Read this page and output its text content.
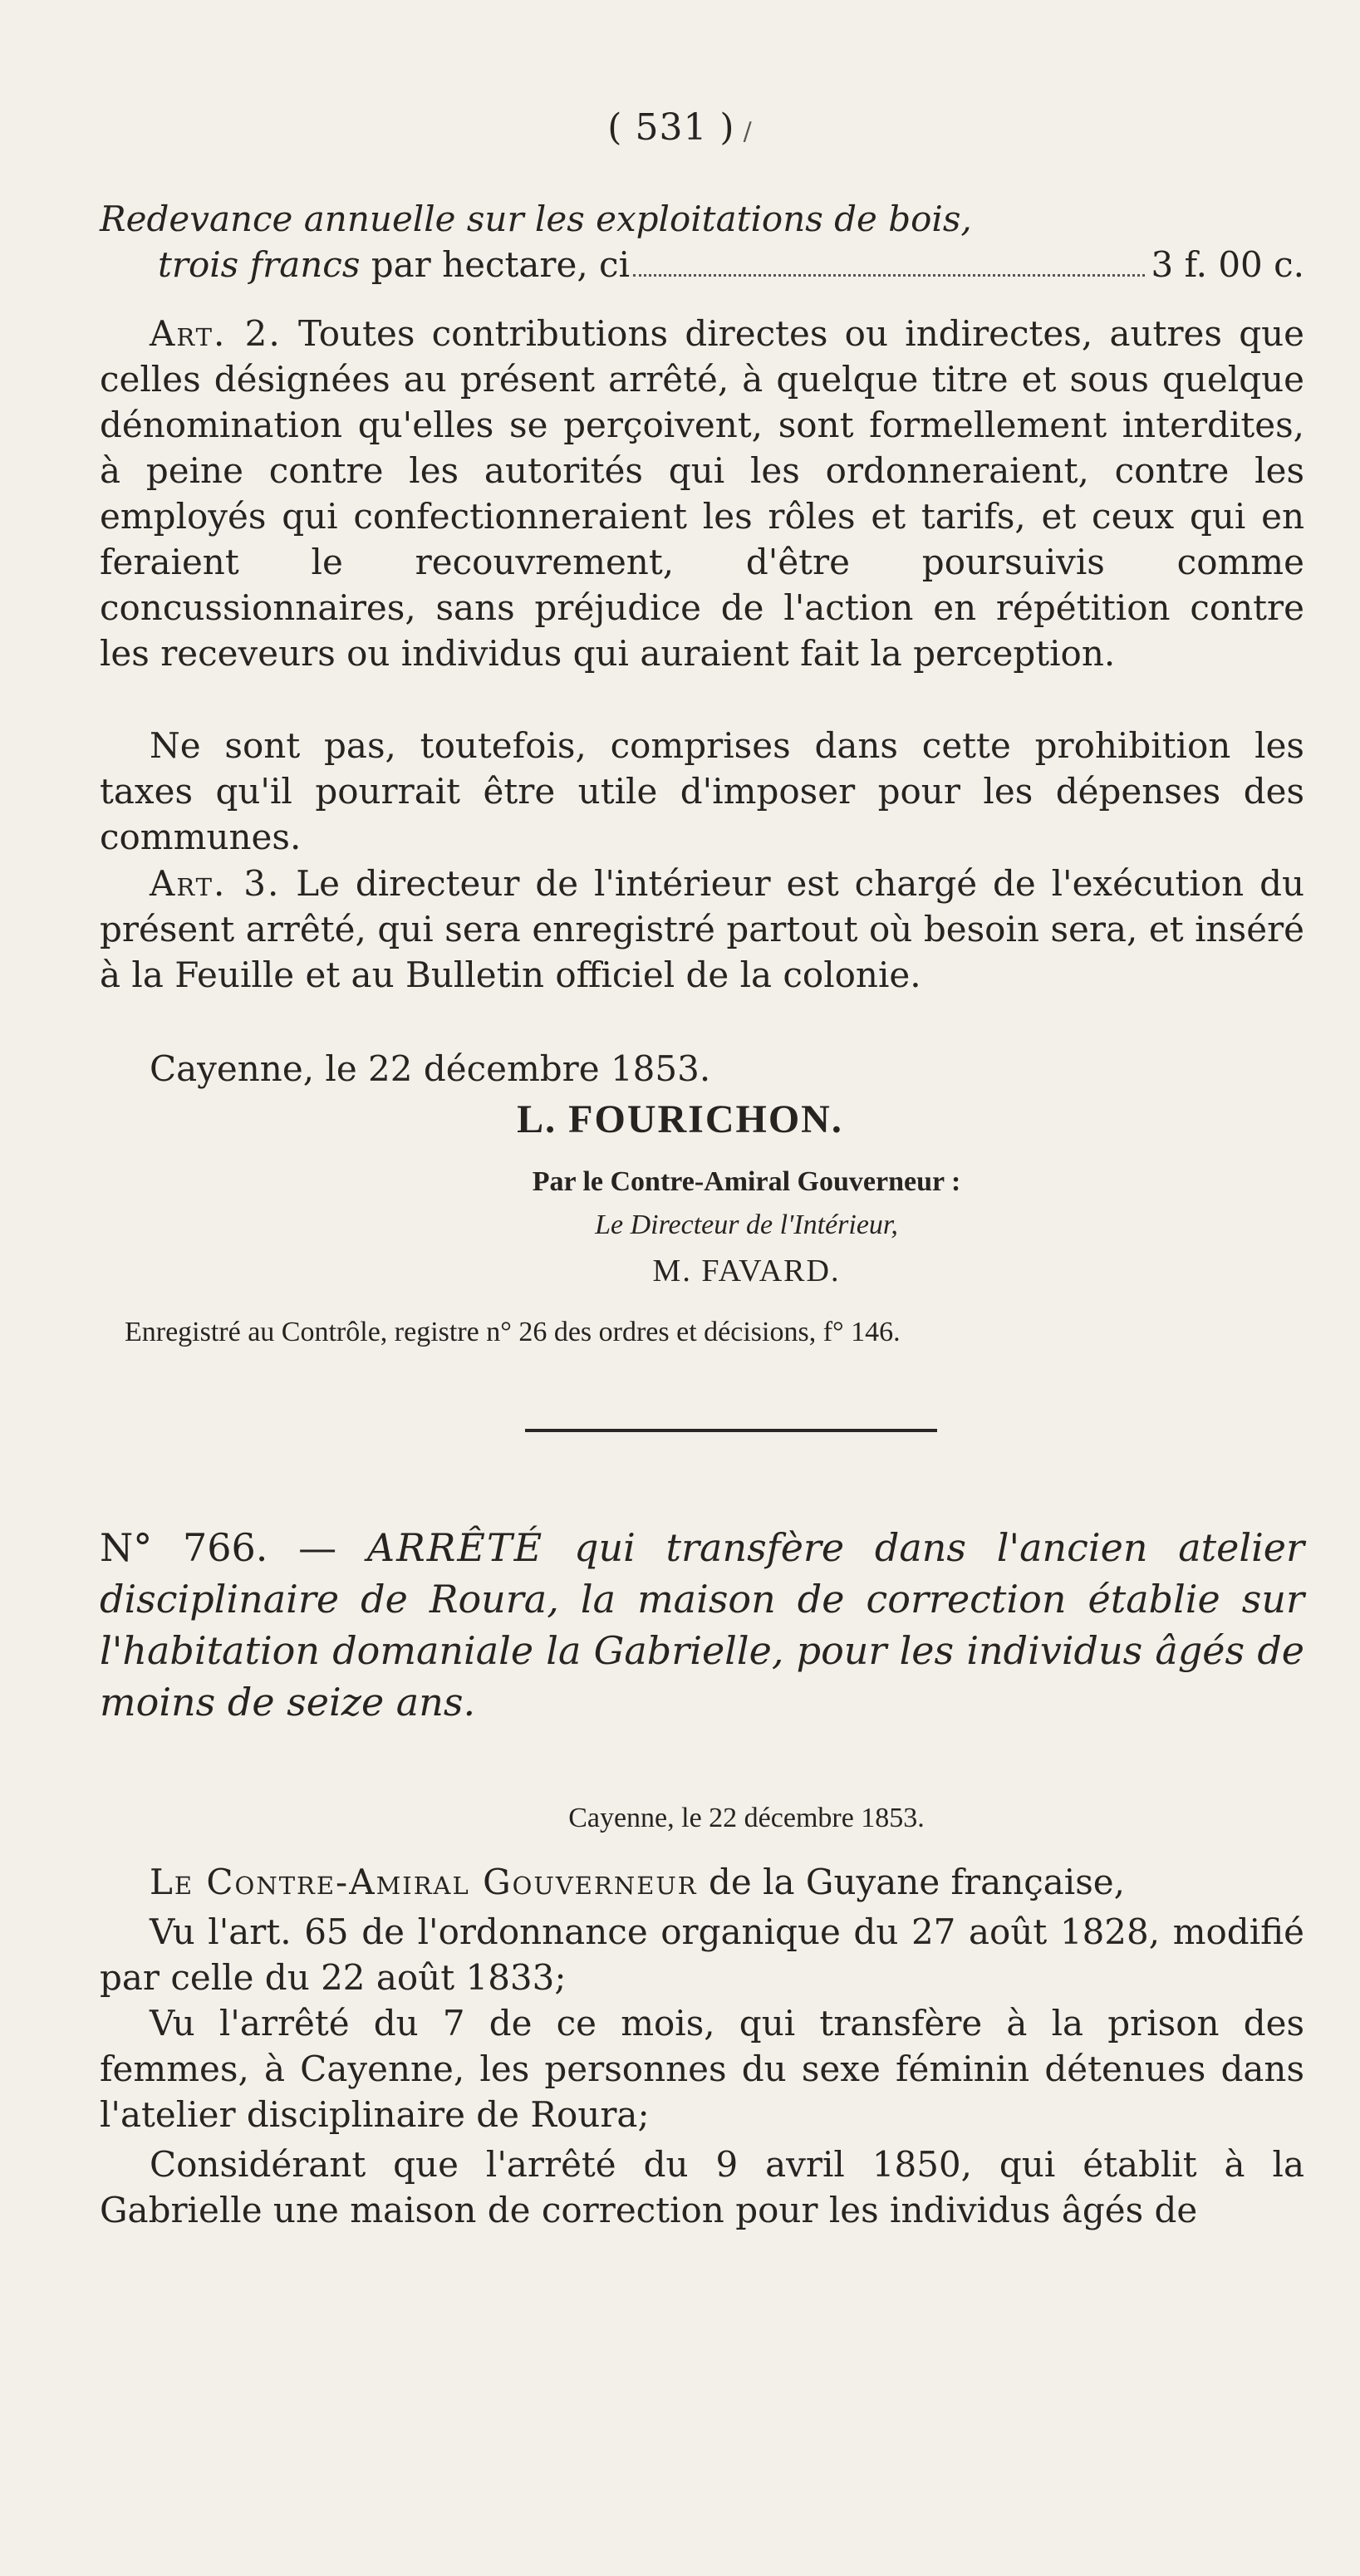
( 531 ) /
Redevance annuelle sur les exploitations de bois,
trois francs par hectare, ci	3 f. 00 c.
Art. 2. Toutes contributions directes ou indirectes, autres que celles désignées au présent arrêté, à quelque titre et sous quelque dénomination qu'elles se perçoivent, sont formellement interdites, à peine contre les autorités qui les ordonneraient, contre les employés qui confectionneraient les rôles et tarifs, et ceux qui en feraient le recouvrement, d'être poursuivis comme concussionnaires, sans préjudice de l'action en répétition contre les receveurs ou individus qui auraient fait la perception.
Ne sont pas, toutefois, comprises dans cette prohibition les taxes qu'il pourrait être utile d'imposer pour les dépenses des communes.
Art. 3. Le directeur de l'intérieur est chargé de l'exécution du présent arrêté, qui sera enregistré partout où besoin sera, et inséré à la Feuille et au Bulletin officiel de la colonie.
Cayenne, le 22 décembre 1853.
L. FOURICHON.
Par le Contre-Amiral Gouverneur :
Le Directeur de l'Intérieur,
M. FAVARD.
Enregistré au Contrôle, registre n° 26 des ordres et décisions, f° 146.
N° 766. — ARRÊTÉ qui transfère dans l'ancien atelier disciplinaire de Roura, la maison de correction établie sur l'habitation domaniale la Gabrielle, pour les individus âgés de moins de seize ans.
Cayenne, le 22 décembre 1853.
Le Contre-Amiral Gouverneur de la Guyane française,
Vu l'art. 65 de l'ordonnance organique du 27 août 1828, modifié par celle du 22 août 1833;
Vu l'arrêté du 7 de ce mois, qui transfère à la prison des femmes, à Cayenne, les personnes du sexe féminin détenues dans l'atelier disciplinaire de Roura;
Considérant que l'arrêté du 9 avril 1850, qui établit à la Gabrielle une maison de correction pour les individus âgés de
